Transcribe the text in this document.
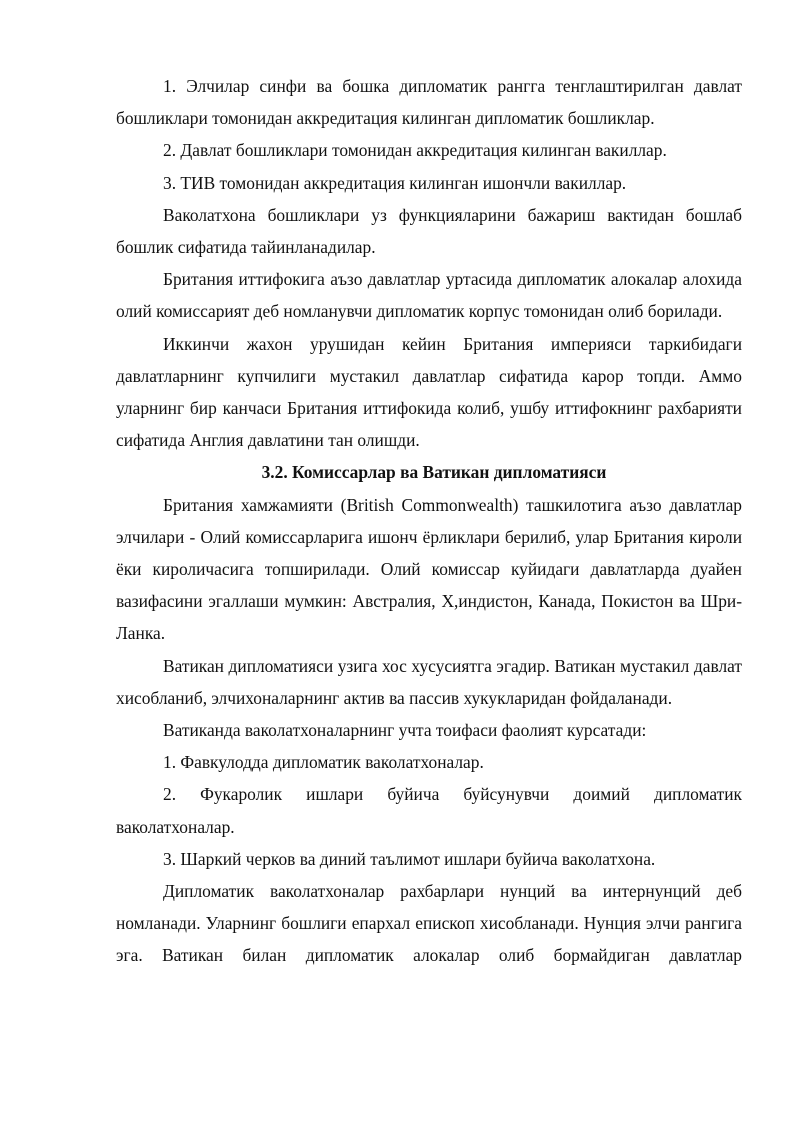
1. Элчилар синфи ва бошка дипломатик рангга тенглаштирилган давлат бошликлари томонидан аккредитация килинган дипломатик бошликлар.

2. Давлат бошликлари томонидан аккредитация килинган вакиллар.

3. ТИВ томонидан аккредитация килинган ишончли вакиллар.

Ваколатхона бошликлари уз функцияларини бажариш вактидан бошлаб бошлик сифатида тайинланадилар.

Британия иттифокига аъзо давлатлар уртасида дипломатик алокалар алохида олий комиссарият деб номланувчи дипломатик корпус томонидан олиб борилади.

Иккинчи жахон урушидан кейин Британия империяси таркибидаги давлатларнинг купчилиги мустакил давлатлар сифатида карор топди. Аммо уларнинг бир канчаси Британия иттифокида колиб, ушбу иттифокнинг рахбарияти сифатида Англия давлатини тан олишди.

3.2. Комиссарлар ва Ватикан дипломатияси

Британия хамжамияти (British Commonwealth) ташкилотига аъзо давлатлар элчилари - Олий комиссарларига ишонч ёрликлари берилиб, улар Британия кироли ёки кироличасига топширилади. Олий комиссар куйидаги давлатларда дуайен вазифасини эгаллаши мумкин: Австралия, Х,индистон, Канада, Покистон ва Шри-Ланка.

Ватикан дипломатияси узига хос хусусиятга эгадир. Ватикан мустакил давлат хисобланиб, элчихоналарнинг актив ва пассив хукукларидан фойдаланади.

Ватиканда ваколатхоналарнинг учта тоифаси фаолият курсатади:

1. Фавкулодда дипломатик ваколатхоналар.

2. Фукаролик ишлари буйича буйсунувчи доимий дипломатик ваколатхоналар.

3. Шаркий черков ва диний таълимот ишлари буйича ваколатхона.

Дипломатик ваколатхоналар рахбарлари нунций ва интернунций деб номланади. Уларнинг бошлиги епархал епископ хисобланади. Нунция элчи рангига эга. Ватикан билан дипломатик алокалар олиб бормайдиган давлатлар
